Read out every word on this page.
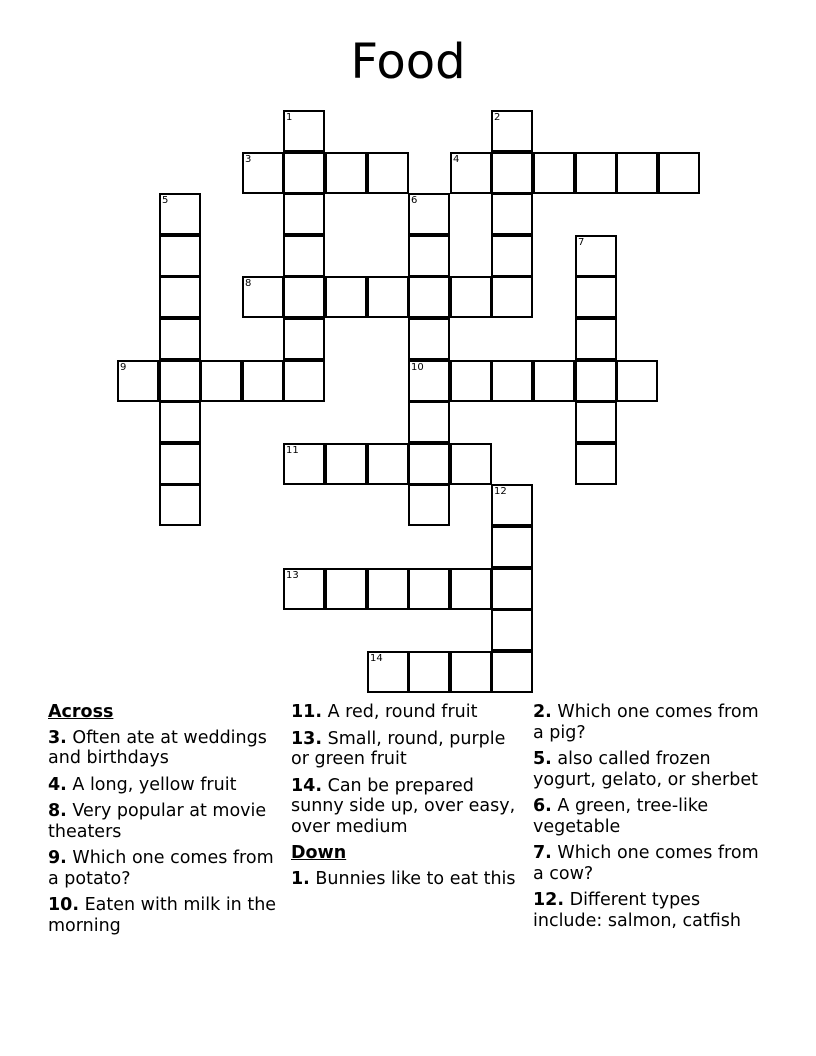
Food
1	2
3	4
5	6
10
7
8
9
11
12
13
14
Across
3. Often ate at weddings and birthdays
4. A long, yellow fruit
8. Very popular at movie theaters
9. Which one comes from a potato?
10. Eaten with milk in the morning
11. A red, round fruit
13. Small, round, purple or green fruit
14. Can be prepared sunny side up, over easy, over medium
Down
1. Bunnies like to eat this
2. Which one comes from a pig?
5. also called frozen yogurt, gelato, or sherbet
6. A green, tree-like vegetable
7. Which one comes from a cow?
12. Different types include: salmon, catfish
